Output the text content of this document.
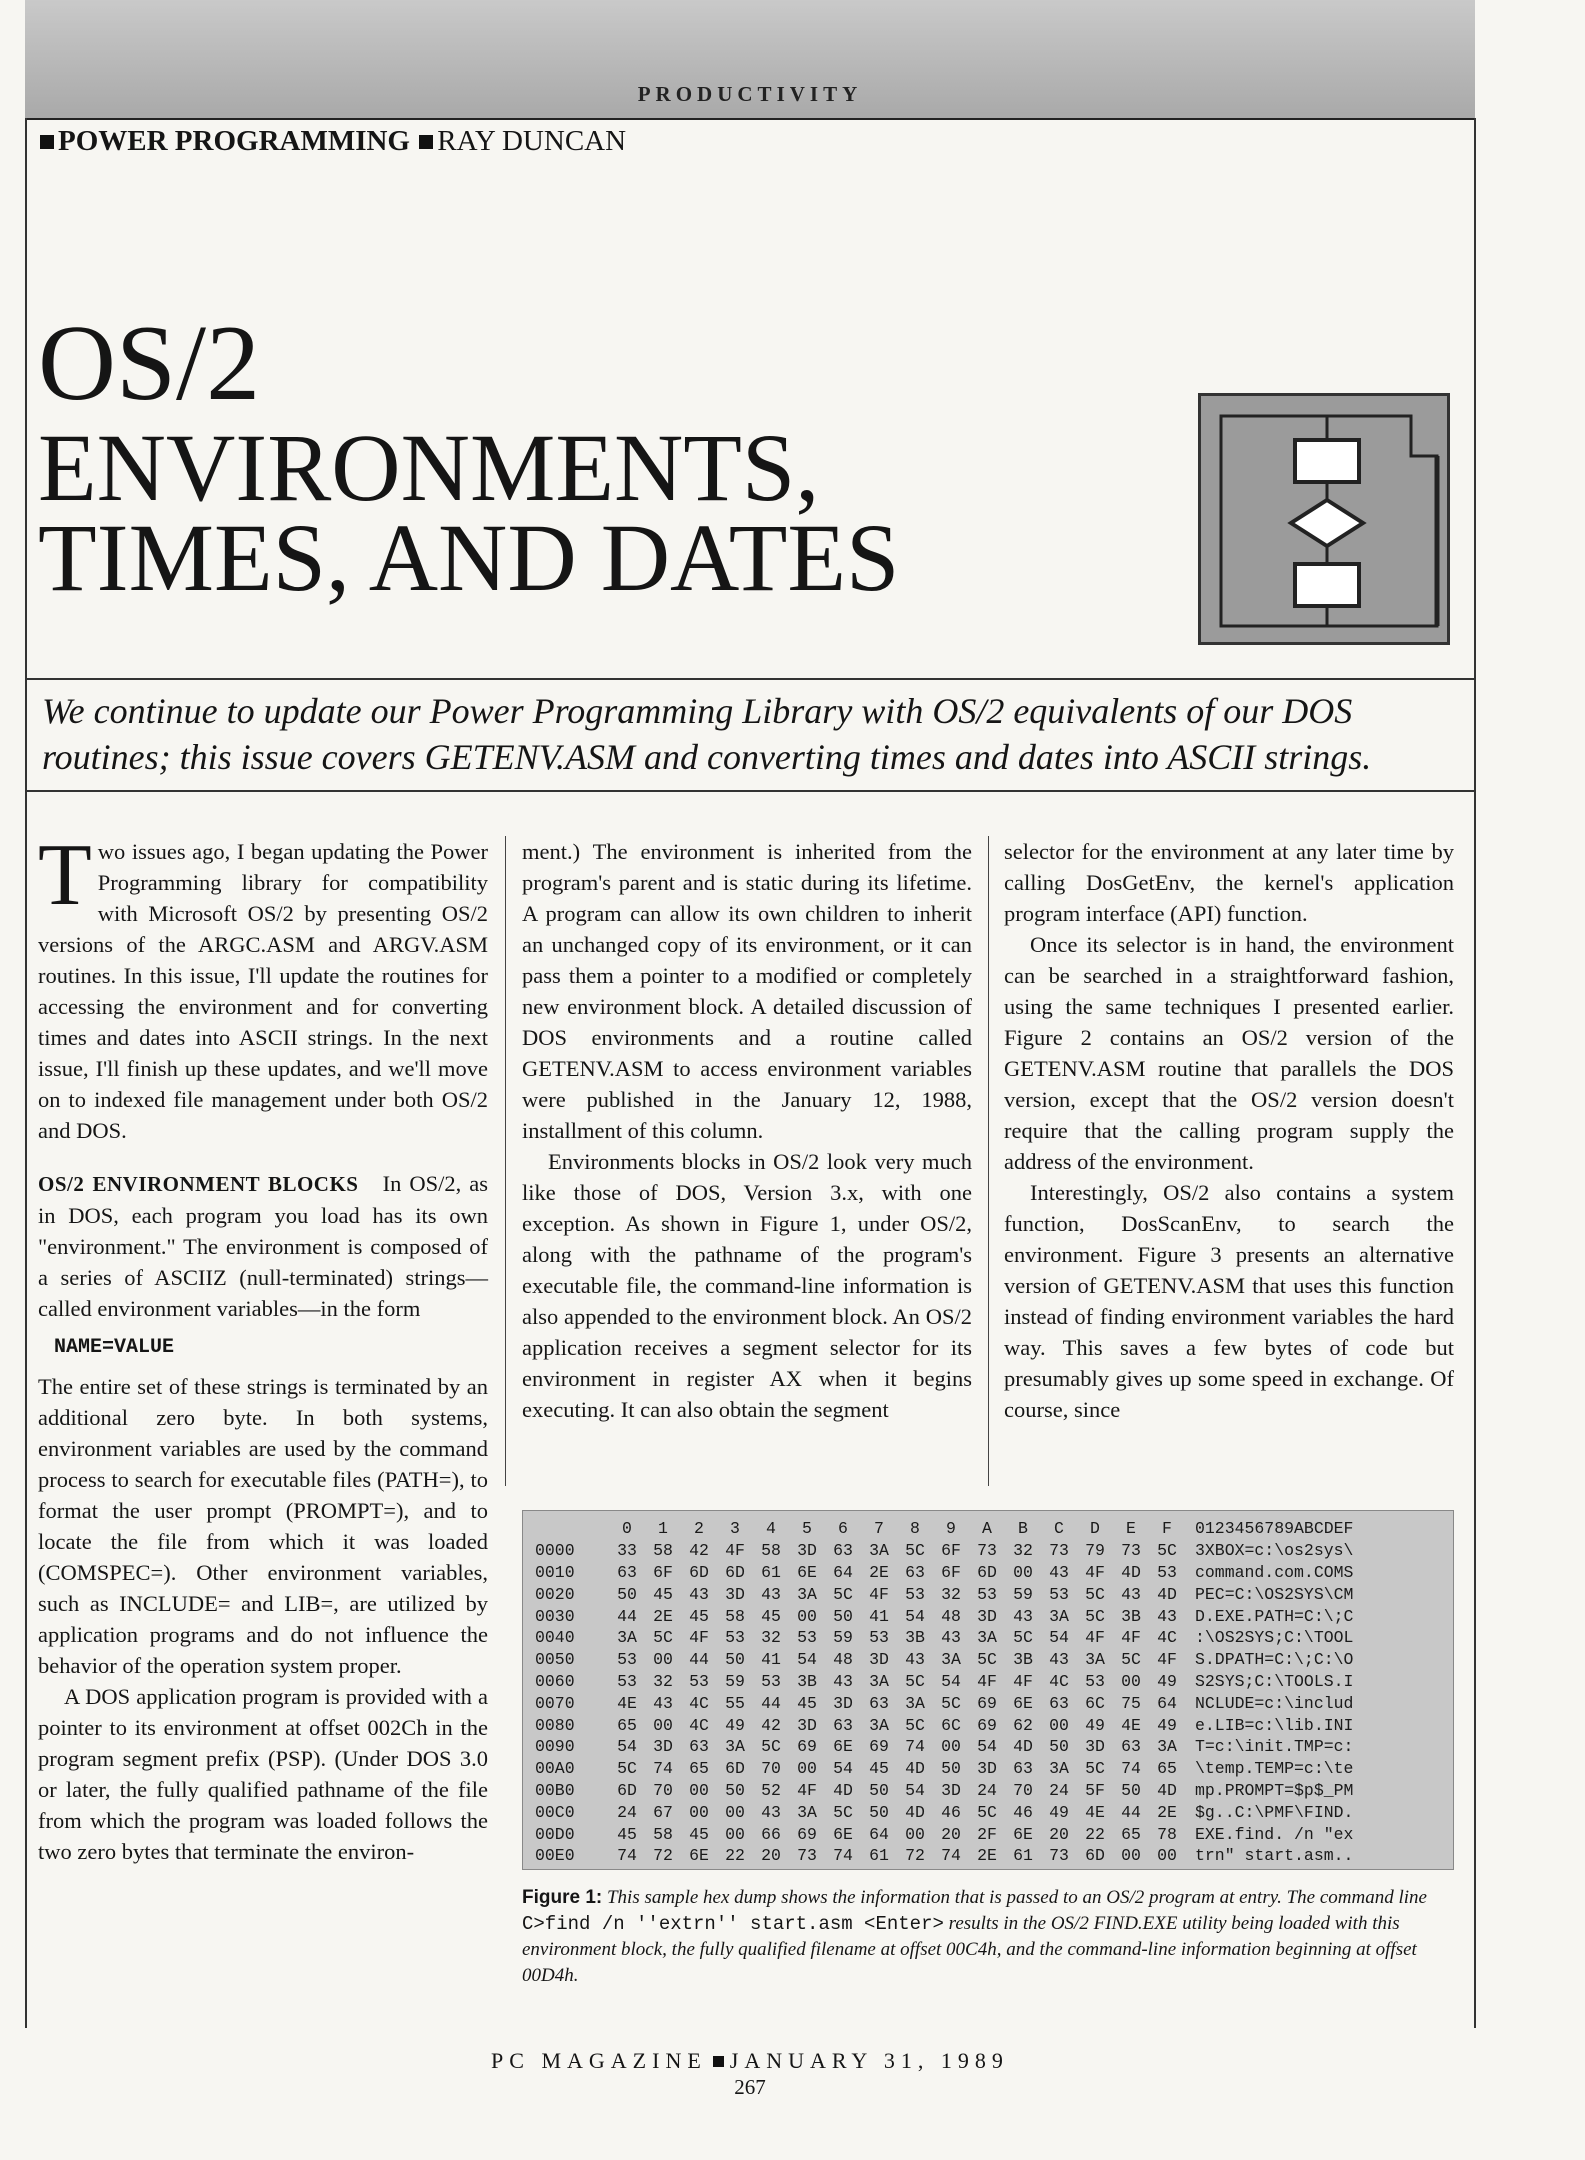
PRODUCTIVITY
POWER PROGRAMMING RAY DUNCAN
OS/2
ENVIRONMENTS,
TIMES, AND DATES
We continue to update our Power Programming Library with OS/2 equivalents of our DOS routines; this issue covers GETENV.ASM and converting times and dates into ASCII strings.

Two issues ago, I began updating the Power Programming library for compatibility with Microsoft OS/2 by presenting OS/2 versions of the ARGC.ASM and ARGV.ASM routines. In this issue, I'll update the routines for accessing the environment and for converting times and dates into ASCII strings. In the next issue, I'll finish up these updates, and we'll move on to indexed file management under both OS/2 and DOS.

OS/2 ENVIRONMENT BLOCKS In OS/2, as in DOS, each program you load has its own "environment." The environment is composed of a series of ASCIIZ (null-terminated) strings—called environment variables—in the form

NAME=VALUE

The entire set of these strings is terminated by an additional zero byte. In both systems, environment variables are used by the command process to search for executable files (PATH=), to format the user prompt (PROMPT=), and to locate the file from which it was loaded (COMSPEC=). Other environment variables, such as INCLUDE= and LIB=, are utilized by application programs and do not influence the behavior of the operation system proper.

A DOS application program is provided with a pointer to its environment at offset 002Ch in the program segment prefix (PSP). (Under DOS 3.0 or later, the fully qualified pathname of the file from which the program was loaded follows the two zero bytes that terminate the environ-

ment.) The environment is inherited from the program's parent and is static during its lifetime. A program can allow its own children to inherit an unchanged copy of its environment, or it can pass them a pointer to a modified or completely new environment block. A detailed discussion of DOS environments and a routine called GETENV.ASM to access environment variables were published in the January 12, 1988, installment of this column.

Environments blocks in OS/2 look very much like those of DOS, Version 3.x, with one exception. As shown in Figure 1, under OS/2, along with the pathname of the program's executable file, the command-line information is also appended to the environment block. An OS/2 application receives a segment selector for its environment in register AX when it begins executing. It can also obtain the segment

selector for the environment at any later time by calling DosGetEnv, the kernel's application program interface (API) function.

Once its selector is in hand, the environment can be searched in a straightforward fashion, using the same techniques I presented earlier. Figure 2 contains an OS/2 version of the GETENV.ASM routine that parallels the DOS version, except that the OS/2 version doesn't require that the calling program supply the address of the environment.

Interestingly, OS/2 also contains a system function, DosScanEnv, to search the environment. Figure 3 presents an alternative version of GETENV.ASM that uses this function instead of finding environment variables the hard way. This saves a few bytes of code but presumably gives up some speed in exchange. Of course, since

	0	1	2	3	4	5	6	7	8	9	A	B	C	D	E	F	0123456789ABCDEF
0000	33	58	42	4F	58	3D	63	3A	5C	6F	73	32	73	79	73	5C	3XBOX=c:\os2sys\
0010	63	6F	6D	6D	61	6E	64	2E	63	6F	6D	00	43	4F	4D	53	command.com.COMS
0020	50	45	43	3D	43	3A	5C	4F	53	32	53	59	53	5C	43	4D	PEC=C:\OS2SYS\CM
0030	44	2E	45	58	45	00	50	41	54	48	3D	43	3A	5C	3B	43	D.EXE.PATH=C:\;C
0040	3A	5C	4F	53	32	53	59	53	3B	43	3A	5C	54	4F	4F	4C	:\OS2SYS;C:\TOOL
0050	53	00	44	50	41	54	48	3D	43	3A	5C	3B	43	3A	5C	4F	S.DPATH=C:\;C:\O
0060	53	32	53	59	53	3B	43	3A	5C	54	4F	4F	4C	53	00	49	S2SYS;C:\TOOLS.I
0070	4E	43	4C	55	44	45	3D	63	3A	5C	69	6E	63	6C	75	64	NCLUDE=c:\includ
0080	65	00	4C	49	42	3D	63	3A	5C	6C	69	62	00	49	4E	49	e.LIB=c:\lib.INI
0090	54	3D	63	3A	5C	69	6E	69	74	00	54	4D	50	3D	63	3A	T=c:\init.TMP=c:
00A0	5C	74	65	6D	70	00	54	45	4D	50	3D	63	3A	5C	74	65	\temp.TEMP=c:\te
00B0	6D	70	00	50	52	4F	4D	50	54	3D	24	70	24	5F	50	4D	mp.PROMPT=$p$_PM
00C0	24	67	00	00	43	3A	5C	50	4D	46	5C	46	49	4E	44	2E	$g..C:\PMF\FIND.
00D0	45	58	45	00	66	69	6E	64	00	20	2F	6E	20	22	65	78	EXE.find. /n "ex
00E0	74	72	6E	22	20	73	74	61	72	74	2E	61	73	6D	00	00	trn" start.asm..
Figure 1: This sample hex dump shows the information that is passed to an OS/2 program at entry. The command line C>find /n ''extrn'' start.asm <Enter> results in the OS/2 FIND.EXE utility being loaded with this environment block, the fully qualified filename at offset 00C4h, and the command-line information beginning at offset 00D4h.
PC MAGAZINE JANUARY 31, 1989
267
